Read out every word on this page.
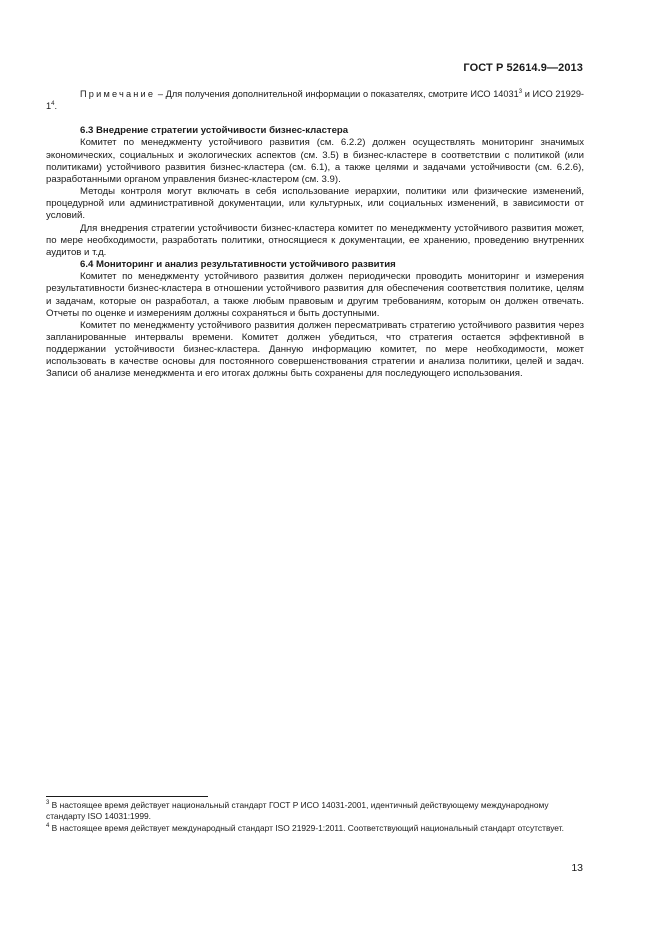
ГОСТ Р 52614.9—2013

Примечание – Для получения дополнительной информации о показателях, смотрите ИСО 14031$^3$ и ИСО $21929-1^4$.

6.3 Внедрение стратегии устойчивости бизнес-кластера

Комитет по менеджменту устойчивого развития (см. 6.2.2) должен осуществлять мониторинг значимых экономических, социальных и экологических аспектов (см. 3.5) в бизнес-кластере в соответствии с политикой (или политиками) устойчивого развития бизнес-кластера (см. 6.1), а также целями и задачами устойчивости (см. 6.2.6), разработанными органом управления бизнес-кластером (см. 3.9).

Методы контроля могут включать в себя использование иерархии, политики или физические изменений, процедурной или административной документации, или культурных, или социальных изменений, в зависимости от условий.

Для внедрения стратегии устойчивости бизнес-кластера комитет по менеджменту устойчивого развития может, по мере необходимости, разработать политики, относящиеся к документации, ее хранению, проведению внутренних аудитов и т.д.

6.4 Мониторинг и анализ результативности устойчивого развития

Комитет по менеджменту устойчивого развития должен периодически проводить мониторинг и измерения результативности бизнес-кластера в отношении устойчивого развития для обеспечения соответствия политике, целям и задачам, которые он разработал, а также любым правовым и другим требованиям, которым он должен отвечать. Отчеты по оценке и измерениям должны сохраняться и быть доступными.

Комитет по менеджменту устойчивого развития должен пересматривать стратегию устойчивого развития через запланированные интервалы времени. Комитет должен убедиться, что стратегия остается эффективной в поддержании устойчивости бизнес-кластера. Данную информацию комитет, по мере необходимости, может использовать в качестве основы для постоянного совершенствования стратегии и анализа политики, целей и задач. Записи об анализе менеджмента и его итогах должны быть сохранены для последующего использования.

$^3$ В настоящее время действует национальный стандарт ГОСТ Р ИСО 14031-2001, идентичный действующему международному стандарту ISO 14031:1999.

$^4$ В настоящее время действует международный стандарт ISO 21929-1:2011. Соответствующий национальный стандарт отсутствует.

13
